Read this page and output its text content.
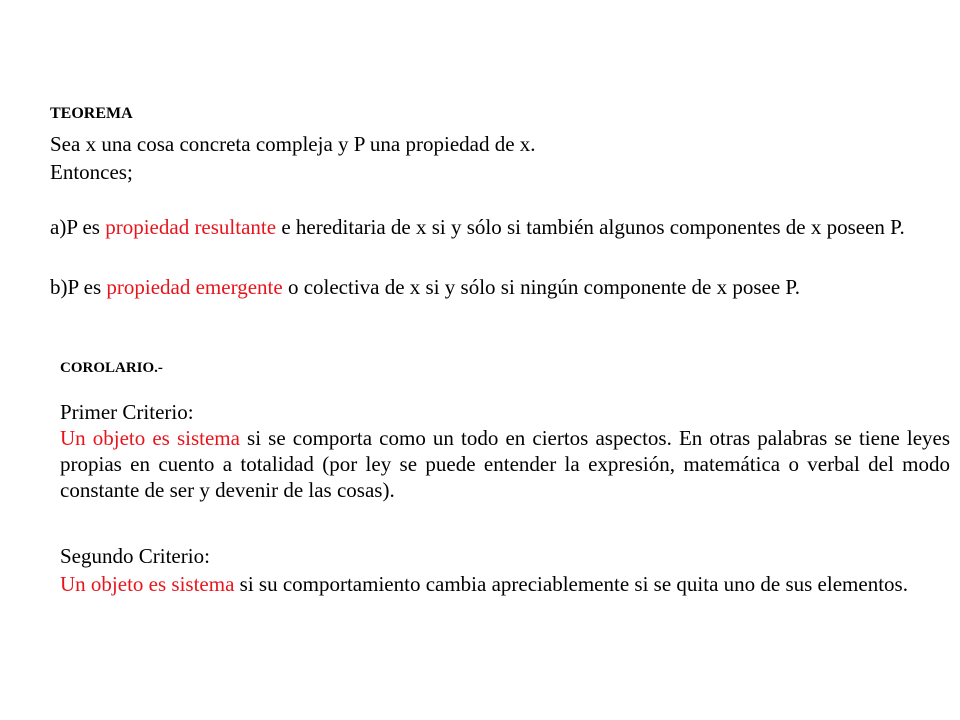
TEOREMA

Sea x una cosa concreta compleja y P una propiedad de x.

Entonces;

a)P es propiedad resultante e hereditaria de x si y sólo si también algunos componentes de x poseen P.

b)P es propiedad emergente o colectiva de x si y sólo si ningún componente de x posee P.

COROLARIO.-

Primer Criterio:

Un objeto es sistema si se comporta como un todo en ciertos aspectos. En otras palabras se tiene leyes propias en cuento a totalidad (por ley se puede entender la expresión, matemática o verbal del modo constante de ser y devenir de las cosas).

Segundo Criterio:

Un objeto es sistema si su comportamiento cambia apreciablemente si se quita uno de sus elementos.
